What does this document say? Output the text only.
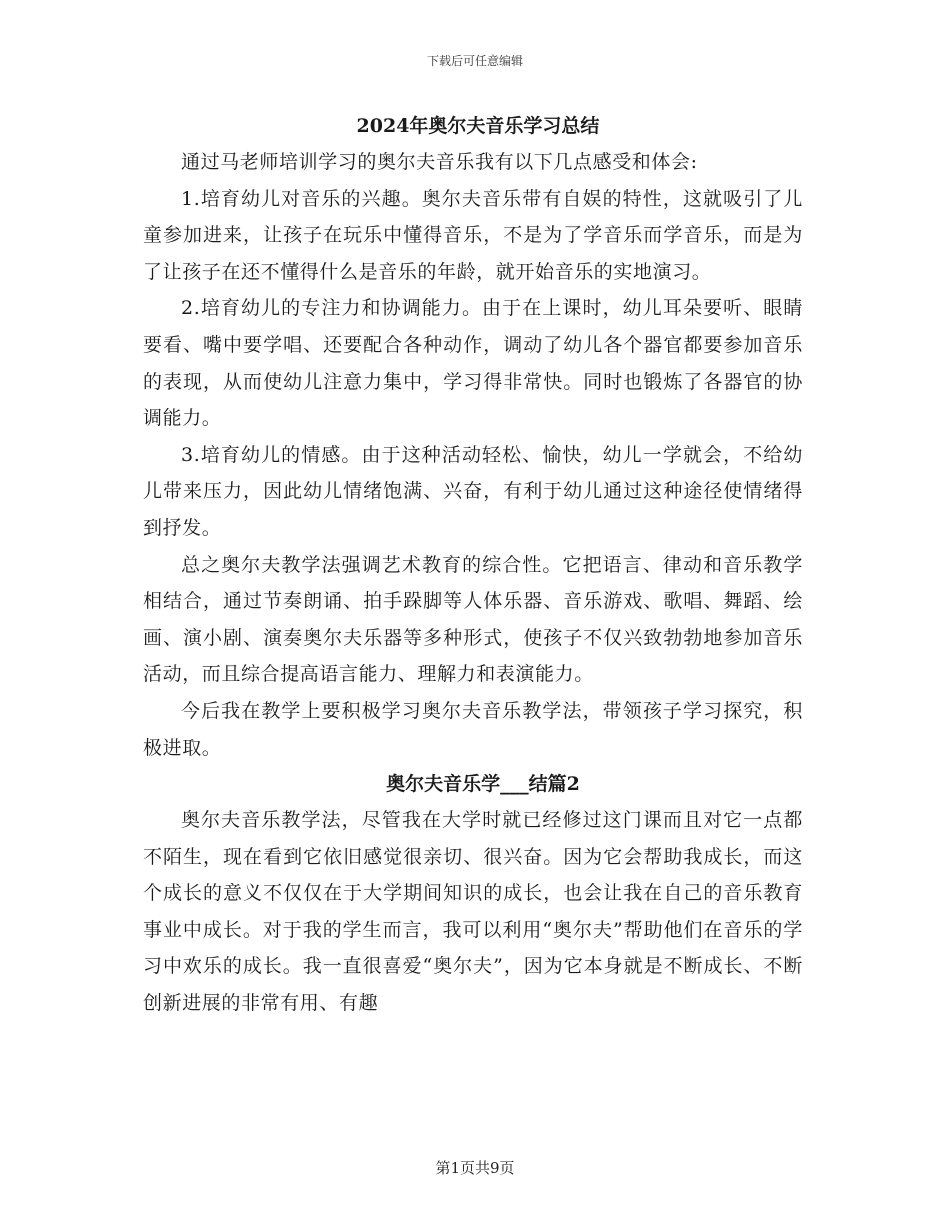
下载后可任意编辑
2024年奥尔夫音乐学习总结

通过马老师培训学习的奥尔夫音乐我有以下几点感受和体会:

1.培育幼儿对音乐的兴趣。奥尔夫音乐带有自娱的特性，这就吸引了儿童参加进来，让孩子在玩乐中懂得音乐，不是为了学音乐而学音乐，而是为了让孩子在还不懂得什么是音乐的年龄，就开始音乐的实地演习。

2.培育幼儿的专注力和协调能力。由于在上课时，幼儿耳朵要听、眼睛要看、嘴中要学唱、还要配合各种动作，调动了幼儿各个器官都要参加音乐的表现，从而使幼儿注意力集中，学习得非常快。同时也锻炼了各器官的协调能力。

3.培育幼儿的情感。由于这种活动轻松、愉快，幼儿一学就会，不给幼儿带来压力，因此幼儿情绪饱满、兴奋，有利于幼儿通过这种途径使情绪得到抒发。

总之奥尔夫教学法强调艺术教育的综合性。它把语言、律动和音乐教学相结合，通过节奏朗诵、拍手跺脚等人体乐器、音乐游戏、歌唱、舞蹈、绘画、演小剧、演奏奥尔夫乐器等多种形式，使孩子不仅兴致勃勃地参加音乐活动，而且综合提高语言能力、理解力和表演能力。

今后我在教学上要积极学习奥尔夫音乐教学法，带领孩子学习探究，积极进取。

奥尔夫音乐学___结篇2

奥尔夫音乐教学法，尽管我在大学时就已经修过这门课而且对它一点都不陌生，现在看到它依旧感觉很亲切、很兴奋。因为它会帮助我成长，而这个成长的意义不仅仅在于大学期间知识的成长，也会让我在自己的音乐教育事业中成长。对于我的学生而言，我可以利用“奥尔夫”帮助他们在音乐的学习中欢乐的成长。我一直很喜爱“奥尔夫”，因为它本身就是不断成长、不断创新进展的非常有用、有趣

第1页共9页
